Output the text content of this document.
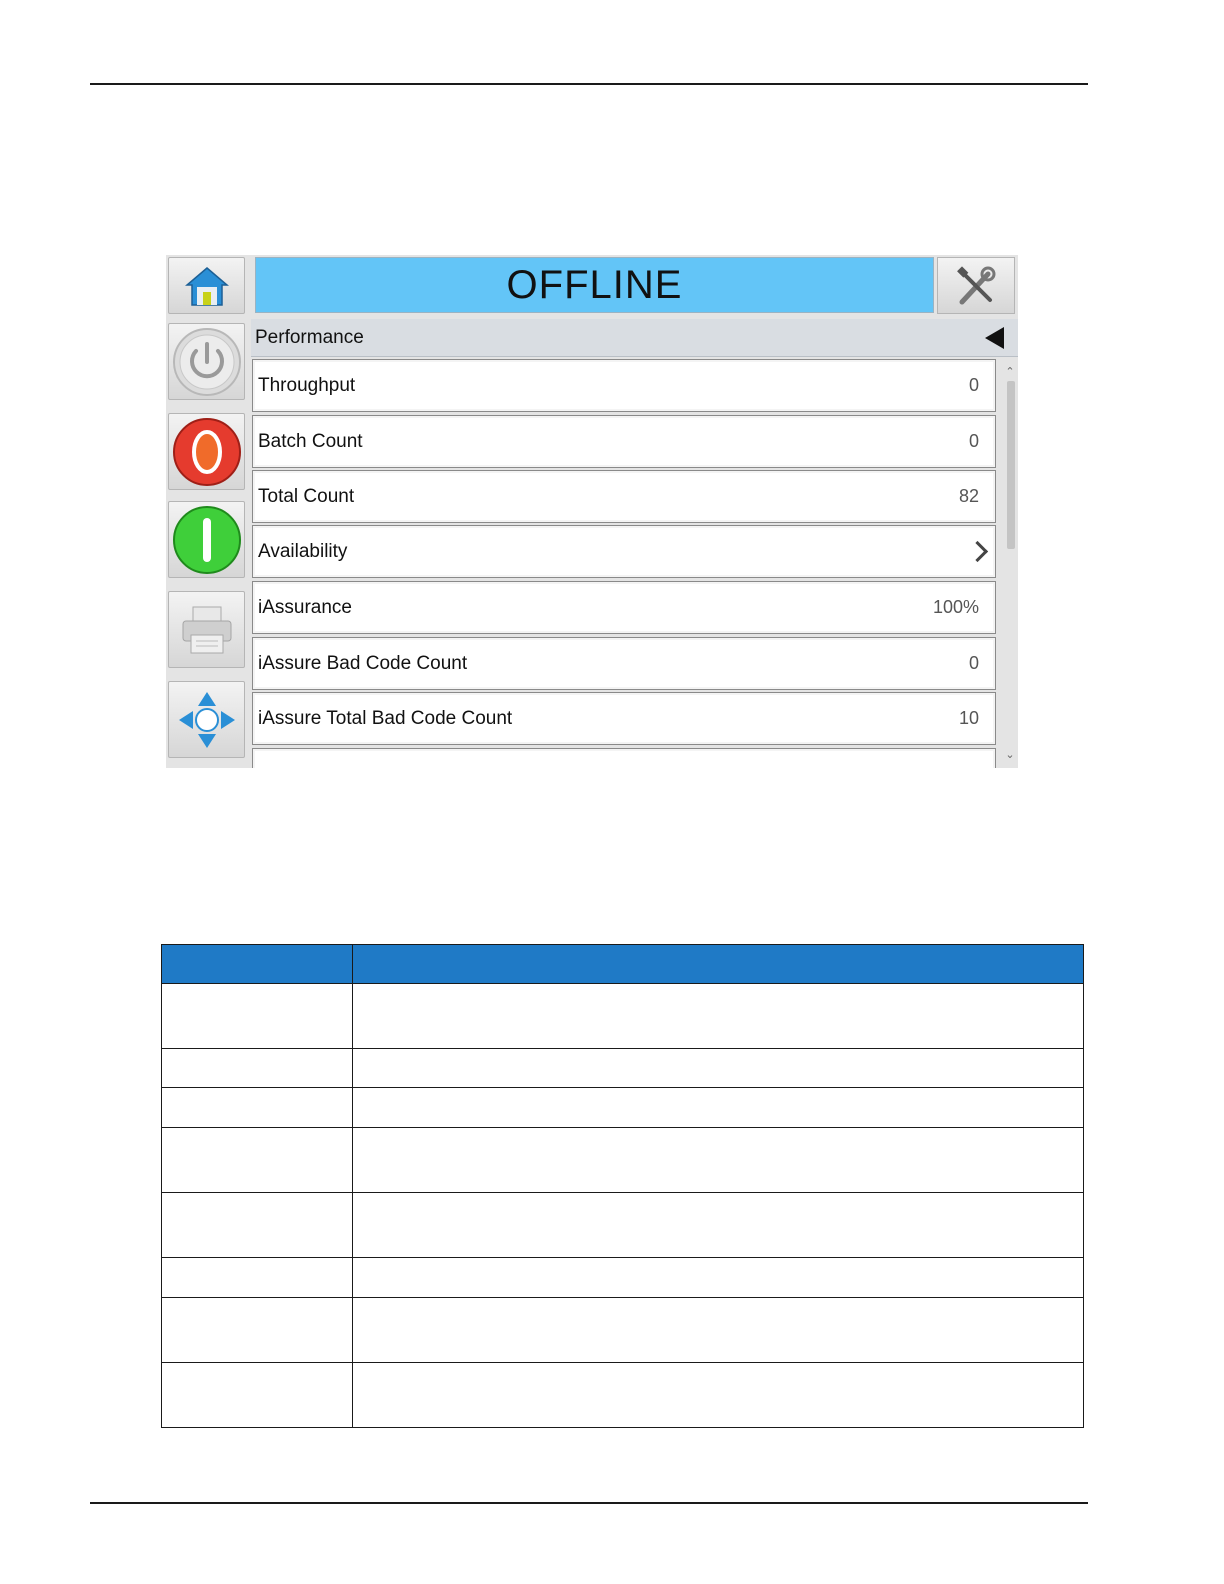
OFFLINE
Performance
Throughput	0
Batch Count	0
Total Count	82
Availability
iAssurance	100%
iAssure Bad Code Count	0
iAssure Total Bad Code Count	10
⌃
⌄
